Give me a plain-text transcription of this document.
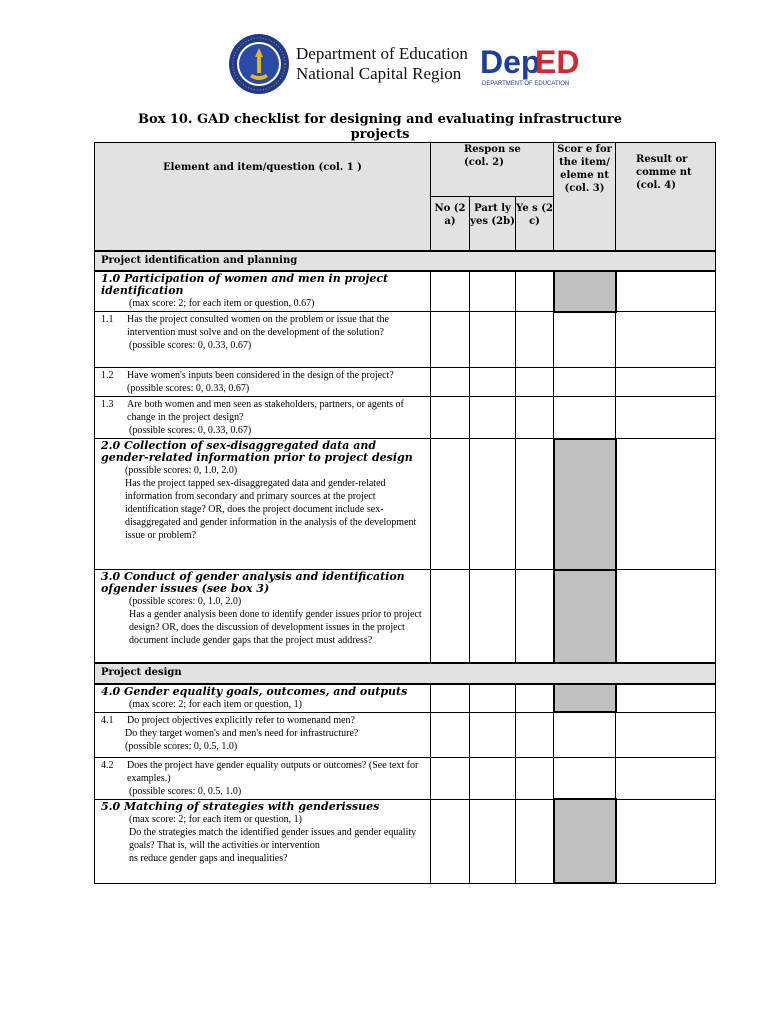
Department of Education
National Capital Region Dep
ED
DEPARTMENT OF EDUCATION
Box 10. GAD checklist for designing and evaluating infrastructure
projects
Element and item/question (col. 1 )	Respon se (col. 2)			Scor e for the item/ eleme nt (col. 3)	Result or comme nt (col. 4)
	No (2 a)	Part ly yes (2b)	Ye s (2 c)		
Project identification and planning					

1.0 Participation of women and men in project identification
(max score: 2; for each item or question, 0.67)					

1.1 Has the project consulted women on the problem or issue that the intervention must solve and on the development of the solution?
(possible scores: 0, 0.33, 0.67)					

1.2 Have women's inputs been considered in the design of the project? (possible scores: 0, 0.33, 0.67)					

1.3 Are both women and men seen as stakeholders, partners, or agents of change in the project design?
(possible scores: 0, 0.33, 0.67)					

2.0 Collection of sex-disaggregated data and gender-related information prior to project design
(possible scores: 0, 1.0, 2.0)
Has the project tapped sex-disaggregated data and gender-related information from secondary and primary sources at the project identification stage? OR, does the project document include sex-disaggregated and gender information in the analysis of the development issue or problem?					

3.0 Conduct of gender analysis and identification ofgender issues (see box 3)
(possible scores: 0, 1.0, 2.0)
Has a gender analysis been done to identify gender issues prior to project design? OR, does the discussion of development issues in the project document include gender gaps that the project must address?					

Project design					

4.0 Gender equality goals, outcomes, and outputs
(max score: 2; for each item or question, 1)					

4.1 Do project objectives explicitly refer to womenand men?
Do they target women's and men's need for infrastructure?
(possible scores: 0, 0.5, 1.0)					

4.2 Does the project have gender equality outputs or outcomes? (See text for examples.)
(possible scores: 0, 0.5, 1.0)					

5.0 Matching of strategies with genderissues
(max score: 2; for each item or question, 1)
Do the strategies match the identified gender issues and gender equality goals? That is, will the activities or intervention
ns reduce gender gaps and inequalities?					
